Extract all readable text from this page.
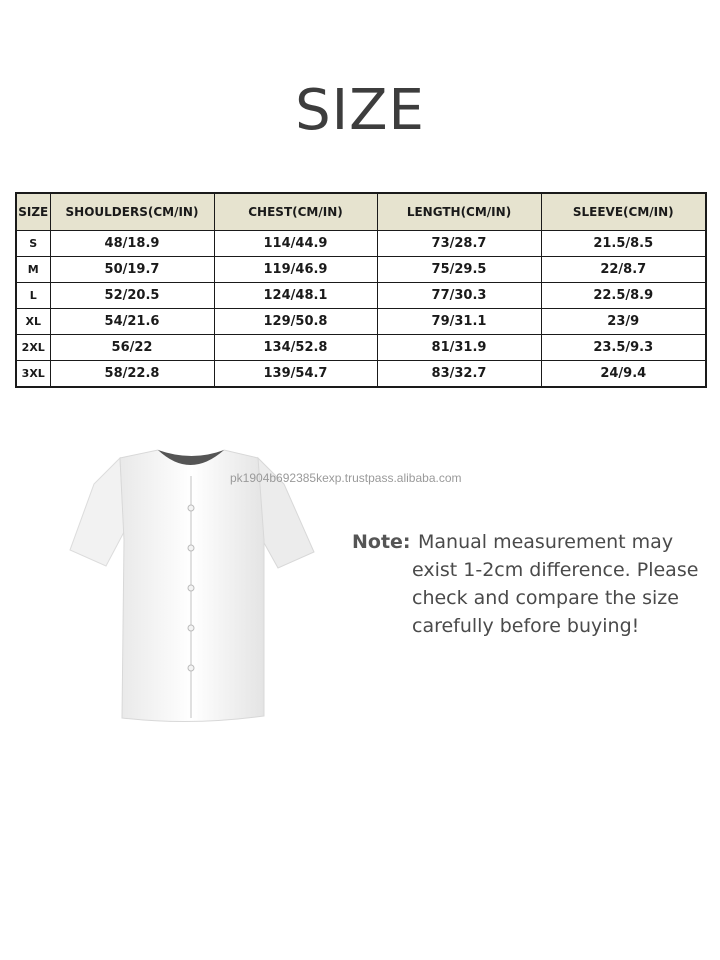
SIZE
SIZE	SHOULDERS(CM/IN)	CHEST(CM/IN)	LENGTH(CM/IN)	SLEEVE(CM/IN)
S	48/18.9	114/44.9	73/28.7	21.5/8.5
M	50/19.7	119/46.9	75/29.5	22/8.7
L	52/20.5	124/48.1	77/30.3	22.5/8.9
XL	54/21.6	129/50.8	79/31.1	23/9
2XL	56/22	134/52.8	81/31.9	23.5/9.3
3XL	58/22.8	139/54.7	83/32.7	24/9.4
pk1904b692385kexp.trustpass.alibaba.com
Note: Manual measurement may
exist 1-2cm difference. Please
check and compare the size
carefully before buying!
